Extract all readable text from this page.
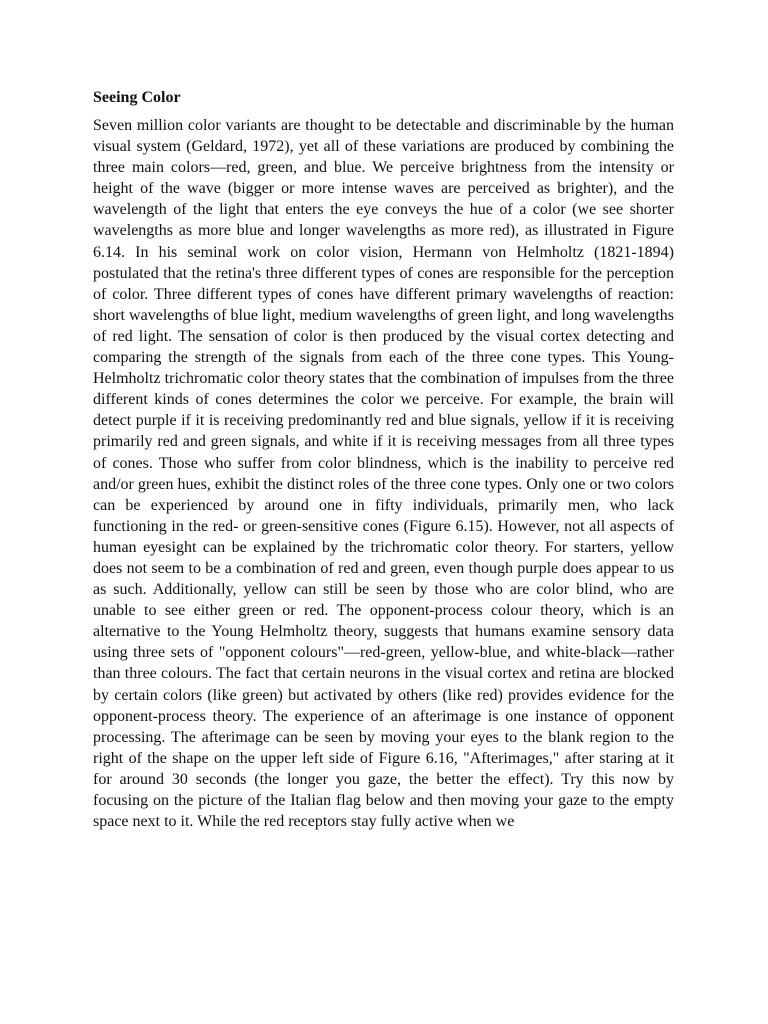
Seeing Color

Seven million color variants are thought to be detectable and discriminable by the human visual system (Geldard, 1972), yet all of these variations are produced by combining the three main colors—red, green, and blue. We perceive brightness from the intensity or height of the wave (bigger or more intense waves are perceived as brighter), and the wavelength of the light that enters the eye conveys the hue of a color (we see shorter wavelengths as more blue and longer wavelengths as more red), as illustrated in Figure 6.14. In his seminal work on color vision, Hermann von Helmholtz (1821-1894) postulated that the retina's three different types of cones are responsible for the perception of color. Three different types of cones have different primary wavelengths of reaction: short wavelengths of blue light, medium wavelengths of green light, and long wavelengths of red light. The sensation of color is then produced by the visual cortex detecting and comparing the strength of the signals from each of the three cone types. This Young-Helmholtz trichromatic color theory states that the combination of impulses from the three different kinds of cones determines the color we perceive. For example, the brain will detect purple if it is receiving predominantly red and blue signals, yellow if it is receiving primarily red and green signals, and white if it is receiving messages from all three types of cones. Those who suffer from color blindness, which is the inability to perceive red and/or green hues, exhibit the distinct roles of the three cone types. Only one or two colors can be experienced by around one in fifty individuals, primarily men, who lack functioning in the red- or green-sensitive cones (Figure 6.15). However, not all aspects of human eyesight can be explained by the trichromatic color theory. For starters, yellow does not seem to be a combination of red and green, even though purple does appear to us as such. Additionally, yellow can still be seen by those who are color blind, who are unable to see either green or red. The opponent-process colour theory, which is an alternative to the Young Helmholtz theory, suggests that humans examine sensory data using three sets of "opponent colours"—red-green, yellow-blue, and white-black—rather than three colours. The fact that certain neurons in the visual cortex and retina are blocked by certain colors (like green) but activated by others (like red) provides evidence for the opponent-process theory. The experience of an afterimage is one instance of opponent processing. The afterimage can be seen by moving your eyes to the blank region to the right of the shape on the upper left side of Figure 6.16, "Afterimages," after staring at it for around 30 seconds (the longer you gaze, the better the effect). Try this now by focusing on the picture of the Italian flag below and then moving your gaze to the empty space next to it. While the red receptors stay fully active when we
